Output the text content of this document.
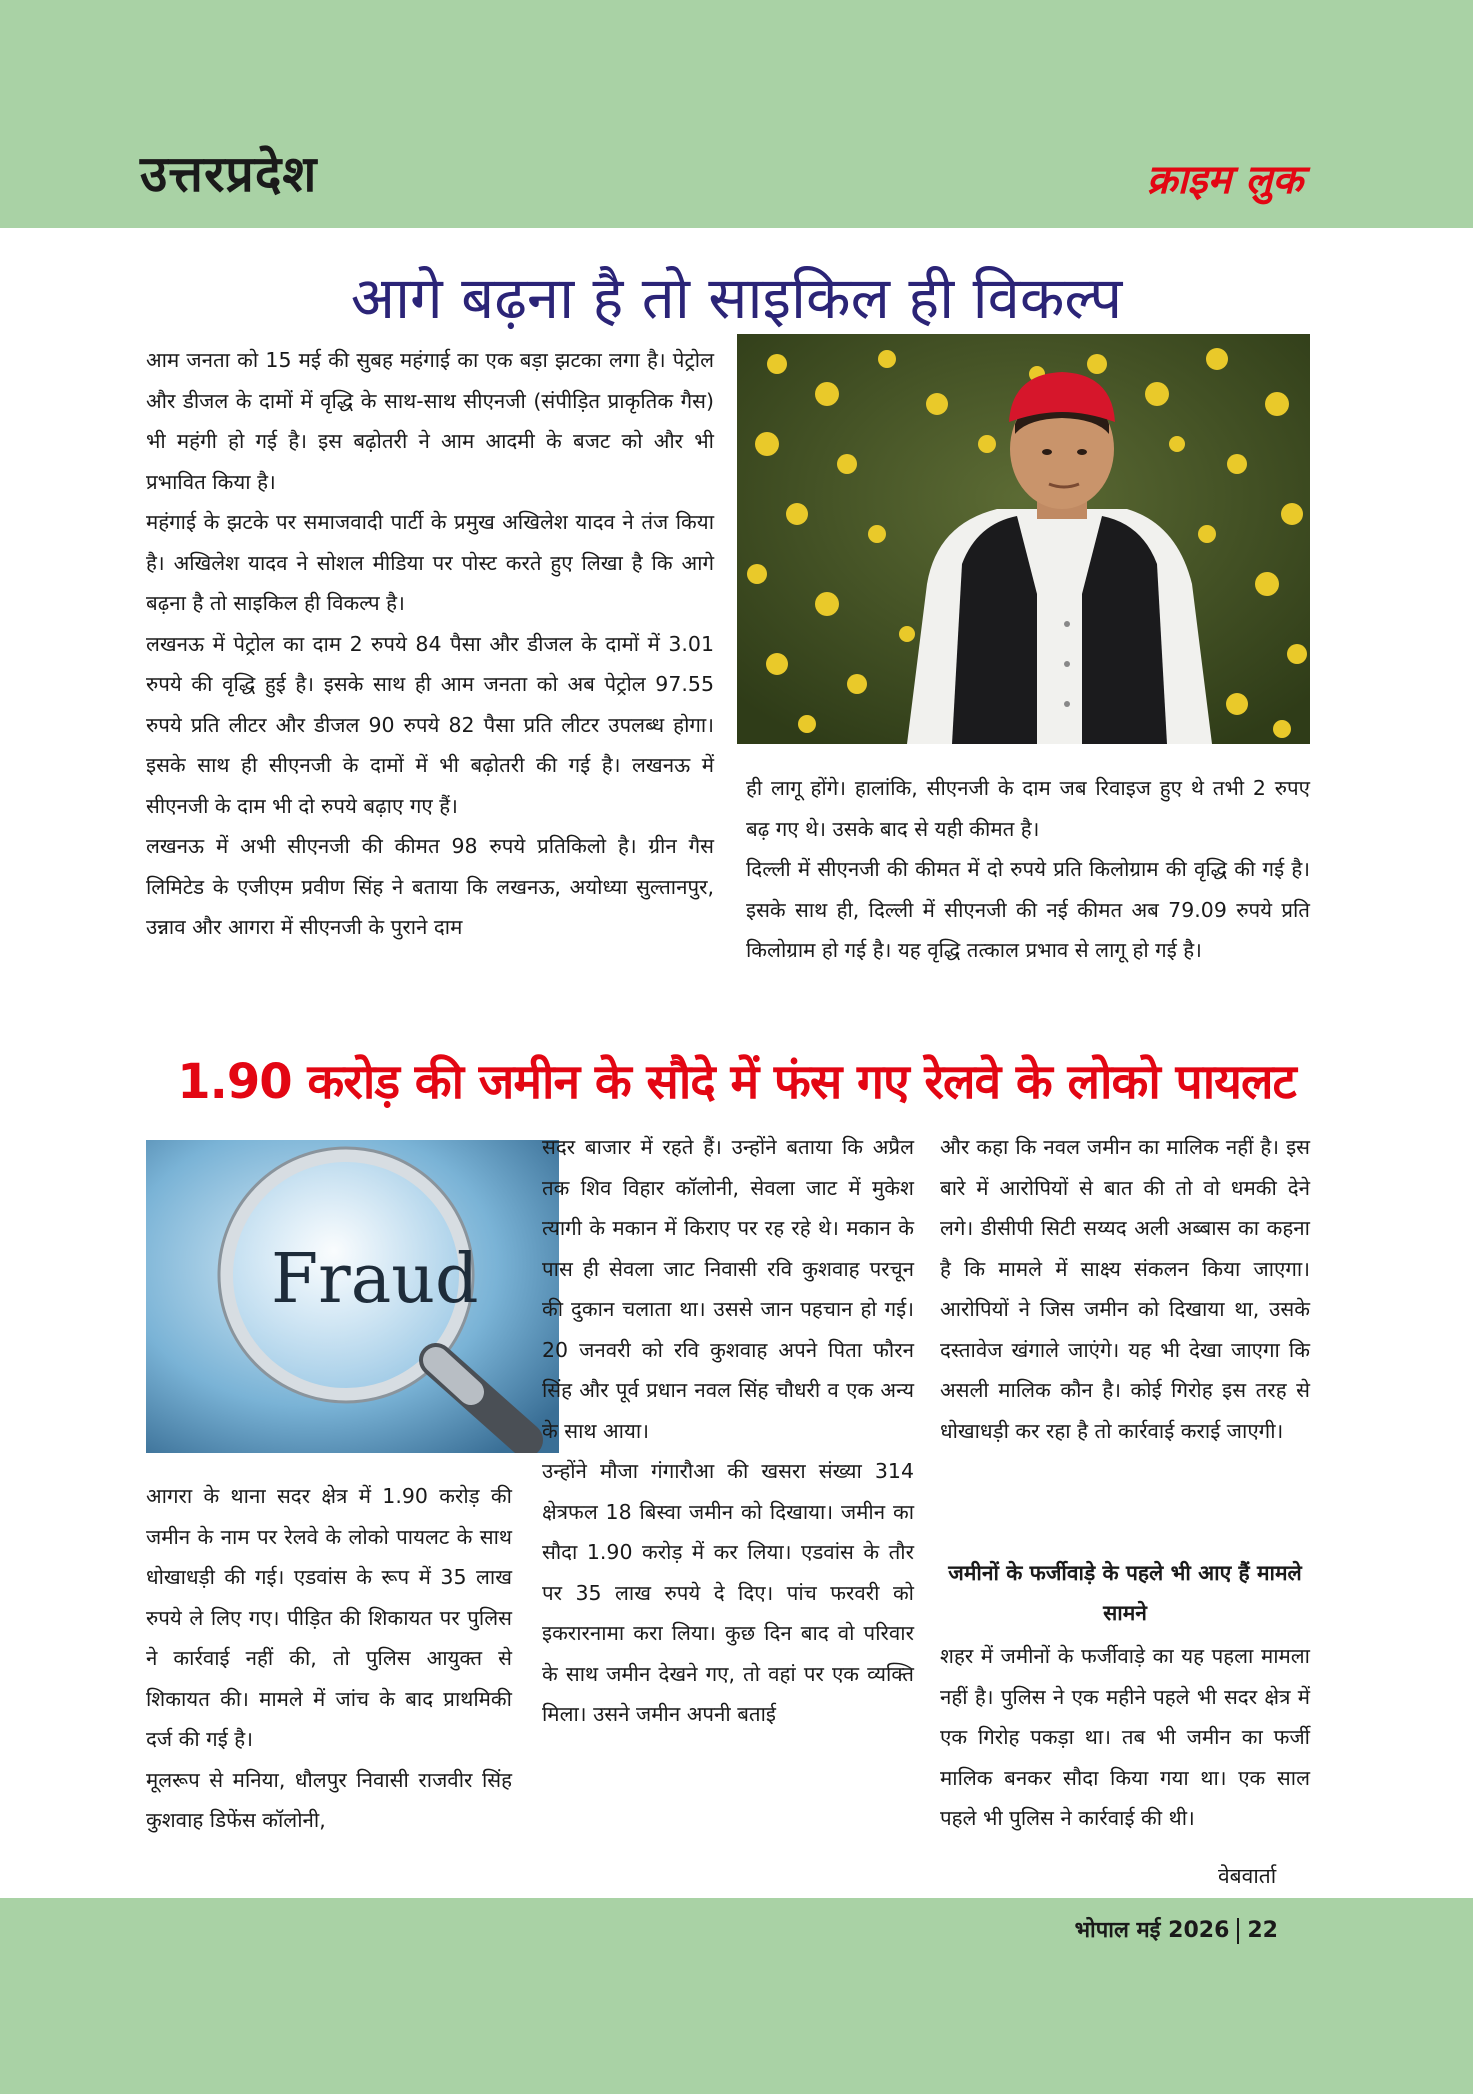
उत्तरप्रदेश	क्राइम लुक
आगे बढ़ना है तो साइकिल ही विकल्प

आम जनता को 15 मई की सुबह महंगाई का एक बड़ा झटका लगा है। पेट्रोल और डीजल के दामों में वृद्धि के साथ-साथ सीएनजी (संपीड़ित प्राकृतिक गैस) भी महंगी हो गई है। इस बढ़ोतरी ने आम आदमी के बजट को और भी प्रभावित किया है।

महंगाई के झटके पर समाजवादी पार्टी के प्रमुख अखिलेश यादव ने तंज किया है। अखिलेश यादव ने सोशल मीडिया पर पोस्ट करते हुए लिखा है कि आगे बढ़ना है तो साइकिल ही विकल्प है।

लखनऊ में पेट्रोल का दाम 2 रुपये 84 पैसा और डीजल के दामों में 3.01 रुपये की वृद्धि हुई है। इसके साथ ही आम जनता को अब पेट्रोल 97.55 रुपये प्रति लीटर और डीजल 90 रुपये 82 पैसा प्रति लीटर उपलब्ध होगा। इसके साथ ही सीएनजी के दामों में भी बढ़ोतरी की गई है। लखनऊ में सीएनजी के दाम भी दो रुपये बढ़ाए गए हैं।

लखनऊ में अभी सीएनजी की कीमत 98 रुपये प्रतिकिलो है। ग्रीन गैस लिमिटेड के एजीएम प्रवीण सिंह ने बताया कि लखनऊ, अयोध्या सुल्तानपुर, उन्नाव और आगरा में सीएनजी के पुराने दाम

ही लागू होंगे। हालांकि, सीएनजी के दाम जब रिवाइज हुए थे तभी 2 रुपए बढ़ गए थे। उसके बाद से यही कीमत है।

दिल्ली में सीएनजी की कीमत में दो रुपये प्रति किलोग्राम की वृद्धि की गई है। इसके साथ ही, दिल्ली में सीएनजी की नई कीमत अब 79.09 रुपये प्रति किलोग्राम हो गई है। यह वृद्धि तत्काल प्रभाव से लागू हो गई है।

1.90 करोड़ की जमीन के सौदे में फंस गए रेलवे के लोको पायलट
Fraud

आगरा के थाना सदर क्षेत्र में 1.90 करोड़ की जमीन के नाम पर रेलवे के लोको पायलट के साथ धोखाधड़ी की गई। एडवांस के रूप में 35 लाख रुपये ले लिए गए। पीड़ित की शिकायत पर पुलिस ने कार्रवाई नहीं की, तो पुलिस आयुक्त से शिकायत की। मामले में जांच के बाद प्राथमिकी दर्ज की गई है।

मूलरूप से मनिया, धौलपुर निवासी राजवीर सिंह कुशवाह डिफेंस कॉलोनी,

सदर बाजार में रहते हैं। उन्होंने बताया कि अप्रैल तक शिव विहार कॉलोनी, सेवला जाट में मुकेश त्यागी के मकान में किराए पर रह रहे थे। मकान के पास ही सेवला जाट निवासी रवि कुशवाह परचून की दुकान चलाता था। उससे जान पहचान हो गई। 20 जनवरी को रवि कुशवाह अपने पिता फौरन सिंह और पूर्व प्रधान नवल सिंह चौधरी व एक अन्य के साथ आया।

उन्होंने मौजा गंगारौआ की खसरा संख्या 314 क्षेत्रफल 18 बिस्वा जमीन को दिखाया। जमीन का सौदा 1.90 करोड़ में कर लिया। एडवांस के तौर पर 35 लाख रुपये दे दिए। पांच फरवरी को इकरारनामा करा लिया। कुछ दिन बाद वो परिवार के साथ जमीन देखने गए, तो वहां पर एक व्यक्ति मिला। उसने जमीन अपनी बताई

और कहा कि नवल जमीन का मालिक नहीं है। इस बारे में आरोपियों से बात की तो वो धमकी देने लगे। डीसीपी सिटी सय्यद अली अब्बास का कहना है कि मामले में साक्ष्य संकलन किया जाएगा। आरोपियों ने जिस जमीन को दिखाया था, उसके दस्तावेज खंगाले जाएंगे। यह भी देखा जाएगा कि असली मालिक कौन है। कोई गिरोह इस तरह से धोखाधड़ी कर रहा है तो कार्रवाई कराई जाएगी।

जमीनों के फर्जीवाड़े के पहले भी आए हैं मामले सामने

शहर में जमीनों के फर्जीवाड़े का यह पहला मामला नहीं है। पुलिस ने एक महीने पहले भी सदर क्षेत्र में एक गिरोह पकड़ा था। तब भी जमीन का फर्जी मालिक बनकर सौदा किया गया था। एक साल पहले भी पुलिस ने कार्रवाई की थी।

वेबवार्ता
भोपाल मई 2026 22
